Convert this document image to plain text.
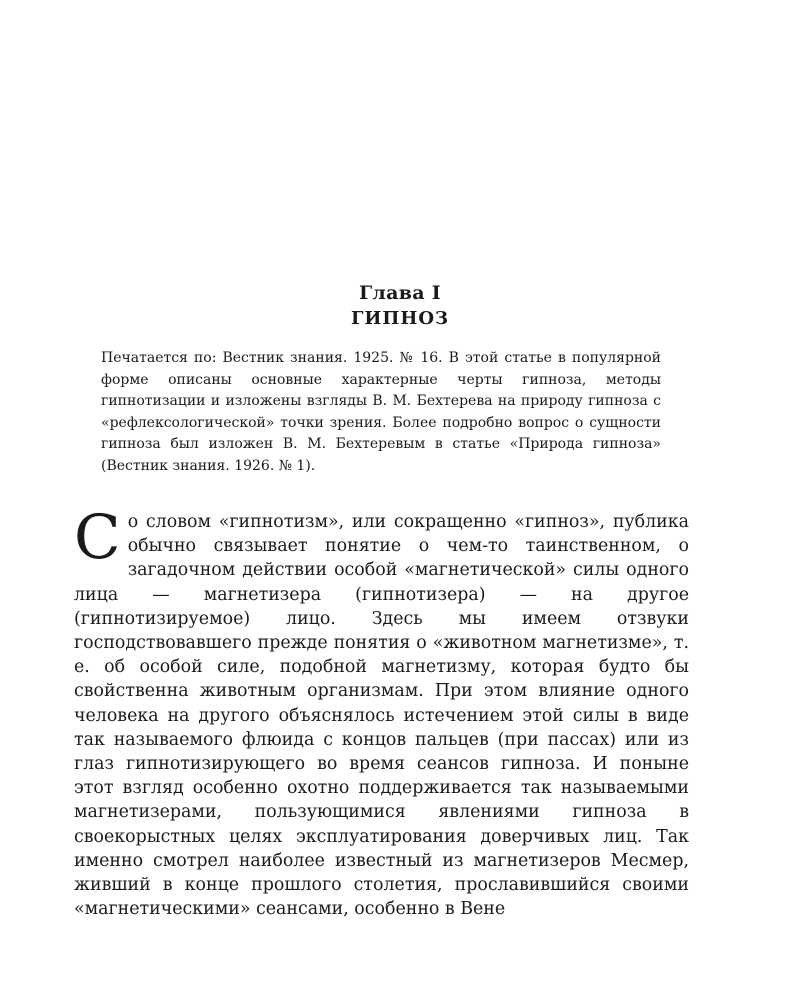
Глава I
ГИПНОЗ
Печатается по: Вестник знания. 1925. № 16. В этой статье в популярной форме описаны основные характерные черты гипноза, методы гипнотизации и изложены взгляды В. М. Бехтерева на природу гипноза с «рефлексологической» точки зрения. Более подробно вопрос о сущности гипноза был изложен В. М. Бехтеревым в статье «Природа гипноза» (Вестник знания. 1926. № 1).

Со словом «гипнотизм», или сокращенно «гипноз», публика обычно связывает понятие о чем-то таинственном, о загадочном действии особой «магнетической» силы одного лица — магнетизера (гипнотизера) — на другое (гипнотизируемое) лицо. Здесь мы имеем отзвуки господствовавшего прежде понятия о «животном магнетизме», т. е. об особой силе, подобной магнетизму, которая будто бы свойственна животным организмам. При этом влияние одного человека на другого объяснялось истечением этой силы в виде так называемого флюида с концов пальцев (при пассах) или из глаз гипнотизирующего во время сеансов гипноза. И поныне этот взгляд особенно охотно поддерживается так называемыми магнетизерами, пользующимися явлениями гипноза в своекорыстных целях эксплуатирования доверчивых лиц. Так именно смотрел наиболее известный из магнетизеров Месмер, живший в конце прошлого столетия, прославившийся своими «магнетическими» сеансами, особенно в Вене
